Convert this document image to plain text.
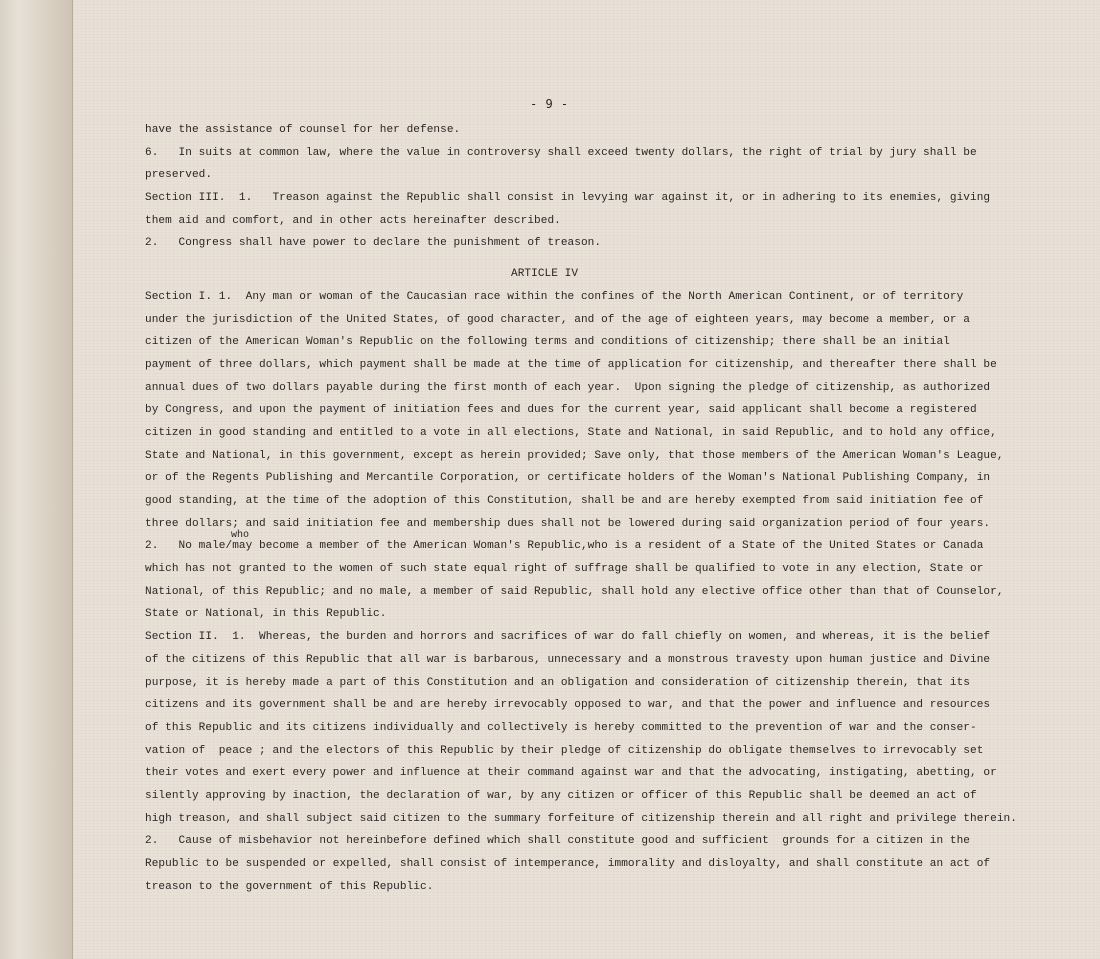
- 9 -
who
have the assistance of counsel for her defense.
6.   In suits at common law, where the value in controversy shall exceed twenty dollars, the right of trial by jury shall be
preserved.
Section III.  1.   Treason against the Republic shall consist in levying war against it, or in adhering to its enemies, giving
them aid and comfort, and in other acts hereinafter described.
2.   Congress shall have power to declare the punishment of treason.
ARTICLE IV
Section I. 1.  Any man or woman of the Caucasian race within the confines of the North American Continent, or of territory
under the jurisdiction of the United States, of good character, and of the age of eighteen years, may become a member, or a
citizen of the American Woman's Republic on the following terms and conditions of citizenship; there shall be an initial
payment of three dollars, which payment shall be made at the time of application for citizenship, and thereafter there shall be
annual dues of two dollars payable during the first month of each year.  Upon signing the pledge of citizenship, as authorized
by Congress, and upon the payment of initiation fees and dues for the current year, said applicant shall become a registered
citizen in good standing and entitled to a vote in all elections, State and National, in said Republic, and to hold any office,
State and National, in this government, except as herein provided; Save only, that those members of the American Woman's League,
or of the Regents Publishing and Mercantile Corporation, or certificate holders of the Woman's National Publishing Company, in
good standing, at the time of the adoption of this Constitution, shall be and are hereby exempted from said initiation fee of
three dollars; and said initiation fee and membership dues shall not be lowered during said organization period of four years.
2.   No male/may become a member of the American Woman's Republic,who is a resident of a State of the United States or Canada
which has not granted to the women of such state equal right of suffrage shall be qualified to vote in any election, State or
National, of this Republic; and no male, a member of said Republic, shall hold any elective office other than that of Counselor,
State or National, in this Republic.
Section II.  1.  Whereas, the burden and horrors and sacrifices of war do fall chiefly on women, and whereas, it is the belief
of the citizens of this Republic that all war is barbarous, unnecessary and a monstrous travesty upon human justice and Divine
purpose, it is hereby made a part of this Constitution and an obligation and consideration of citizenship therein, that its
citizens and its government shall be and are hereby irrevocably opposed to war, and that the power and influence and resources
of this Republic and its citizens individually and collectively is hereby committed to the prevention of war and the conser-
vation of  peace ; and the electors of this Republic by their pledge of citizenship do obligate themselves to irrevocably set
their votes and exert every power and influence at their command against war and that the advocating, instigating, abetting, or
silently approving by inaction, the declaration of war, by any citizen or officer of this Republic shall be deemed an act of
high treason, and shall subject said citizen to the summary forfeiture of citizenship therein and all right and privilege therein.
2.   Cause of misbehavior not hereinbefore defined which shall constitute good and sufficient  grounds for a citizen in the
Republic to be suspended or expelled, shall consist of intemperance, immorality and disloyalty, and shall constitute an act of
treason to the government of this Republic.
